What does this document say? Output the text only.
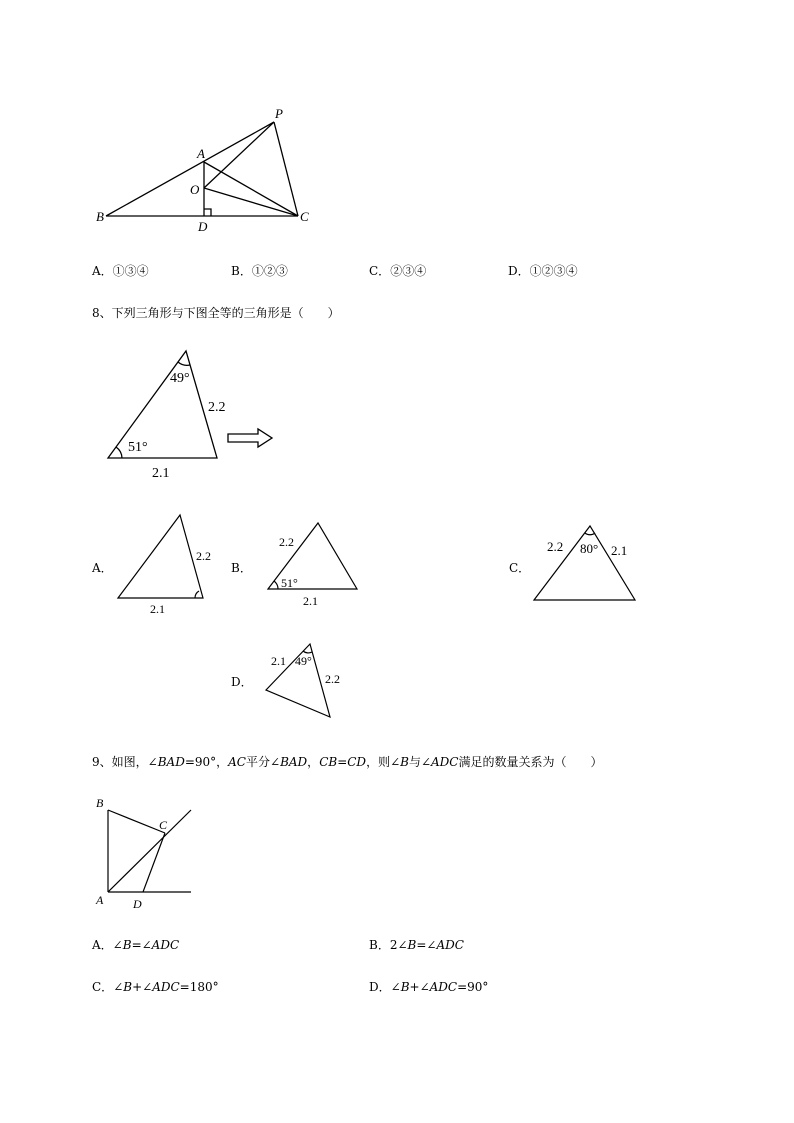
P
A
O
B
D
C
A．①③④	B．①②③	C．②③④	D．①②③④
8、下列三角形与下图全等的三角形是（　　）
49°
51°
2.2
2.1
A．
2.2
2.1
B．
2.2
51°
2.1
C．
2.2 80° 2.1
D．
2.1 49°
2.2
9、如图，∠BAD=90°，AC平分∠BAD，CB=CD，则∠B与∠ADC满足的数量关系为（　　）
B
C
A D
A．∠B=∠ADC	B．2∠B=∠ADC
C．∠B+∠ADC=180°	D．∠B+∠ADC=90°
